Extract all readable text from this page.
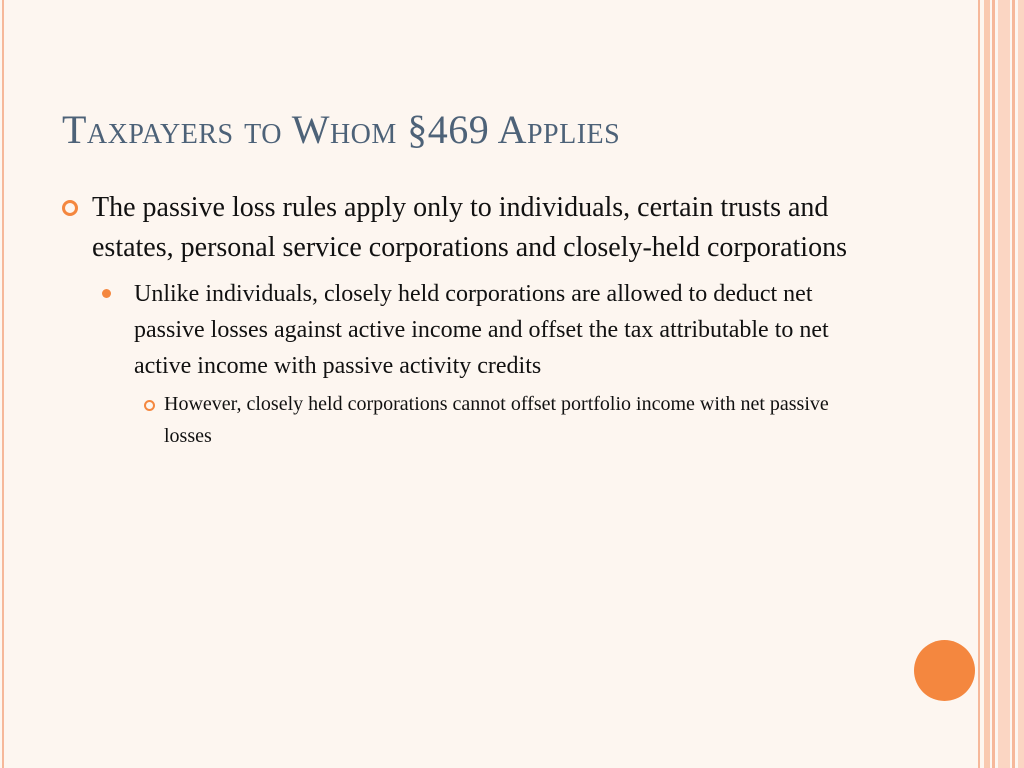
Taxpayers to Whom §469 Applies
The passive loss rules apply only to individuals, certain trusts and estates, personal service corporations and closely-held corporations
Unlike individuals, closely held corporations are allowed to deduct net passive losses against active income and offset the tax attributable to net active income with passive activity credits
However, closely held corporations cannot offset portfolio income with net passive losses
